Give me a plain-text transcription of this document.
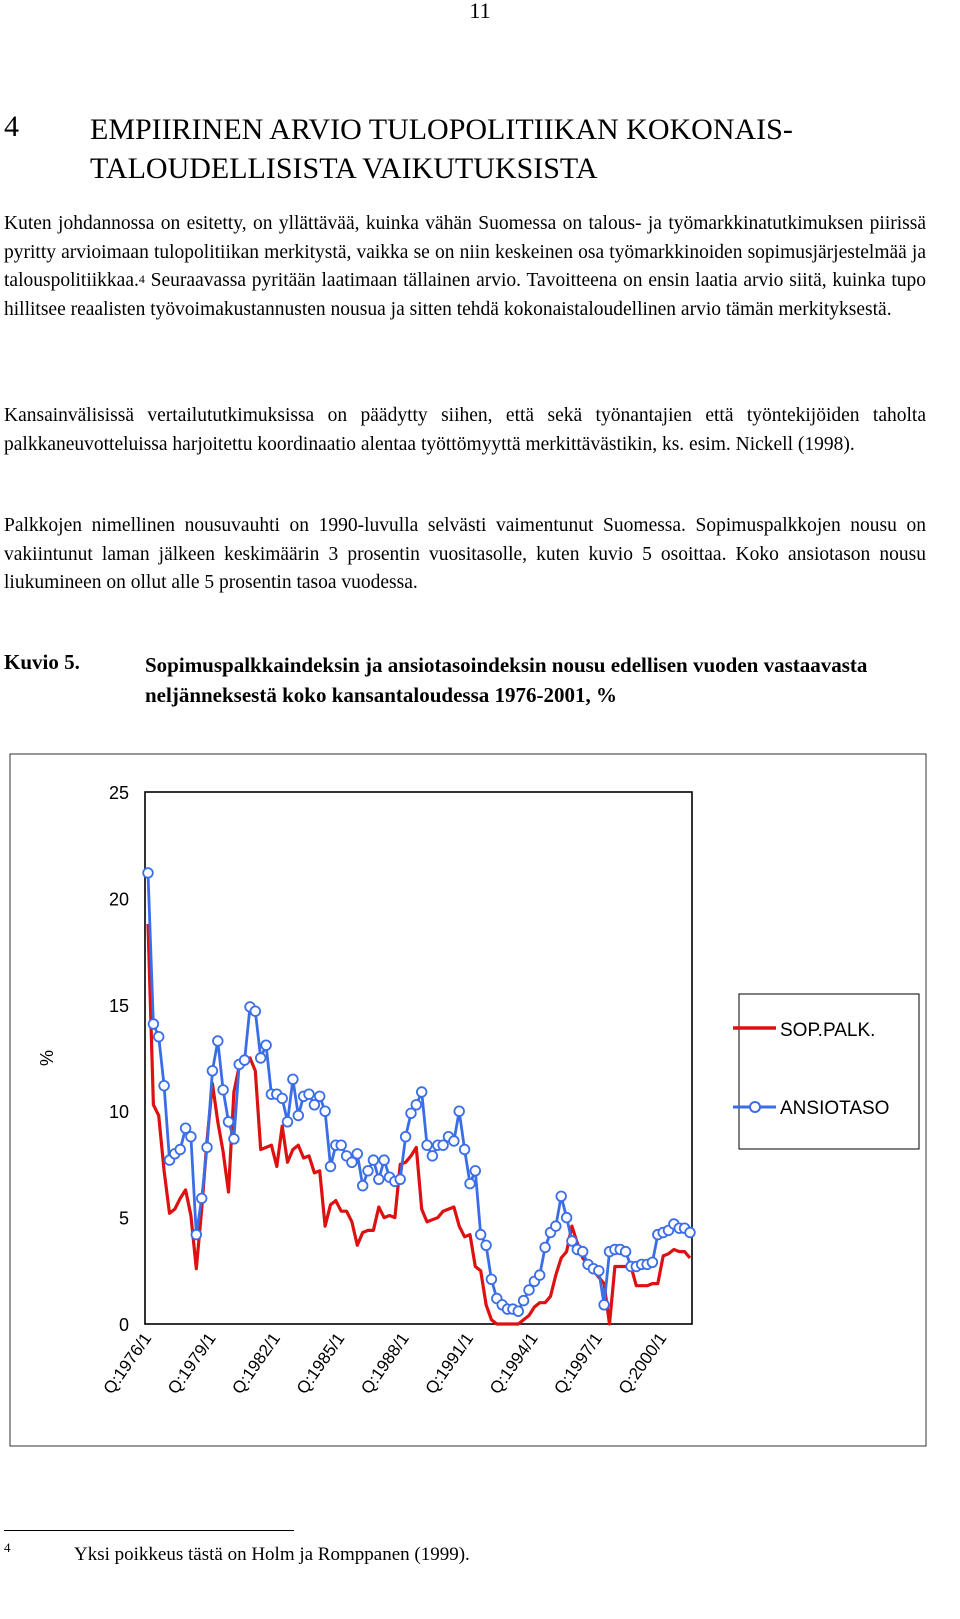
11
4 EMPIIRINEN ARVIO TULOPOLITIIKAN KOKONAIS-
TALOUDELLISISTA VAIKUTUKSISTA
Kuten johdannossa on esitetty, on yllättävää, kuinka vähän Suomessa on talous- ja työmarkkinatutkimuksen piirissä pyritty arvioimaan tulopolitiikan merkitystä, vaikka se on niin keskeinen osa työmarkkinoiden sopimusjärjestelmää ja talouspolitiikkaa.$^4$ Seuraavassa pyritään laatimaan tällainen arvio. Tavoitteena on ensin laatia arvio siitä, kuinka tupo hillitsee reaalisten työvoimakustannusten nousua ja sitten tehdä kokonaistaloudellinen arvio tämän merkityksestä.
Kansainvälisissä vertailututkimuksissa on päädytty siihen, että sekä työnantajien että työntekijöiden taholta palkkaneuvotteluissa harjoitettu koordinaatio alentaa työttömyyttä merkittävästikin, ks. esim. Nickell (1998).
Palkkojen nimellinen nousuvauhti on 1990-luvulla selvästi vaimentunut Suomessa. Sopimuspalkkojen nousu on vakiintunut laman jälkeen keskimäärin 3 prosentin vuositasolle, kuten kuvio 5 osoittaa. Koko ansiotason nousu liukumineen on ollut alle 5 prosentin tasoa vuodessa.
Kuvio 5.	Sopimuspalkkaindeksin ja ansiotasoindeksin nousu edellisen vuoden vastaavasta neljänneksestä koko kansantaloudessa 1976-2001, %
0
5
10
15
20
25
Q:1976/1 Q:1979/1 Q:1982/1 Q:1985/1 Q:1988/1 Q:1991/1 Q:1994/1 Q:1997/1 Q:2000/1
%
SOP.PALK.
ANSIOTASO
4	Yksi poikkeus tästä on Holm ja Romppanen (1999).
